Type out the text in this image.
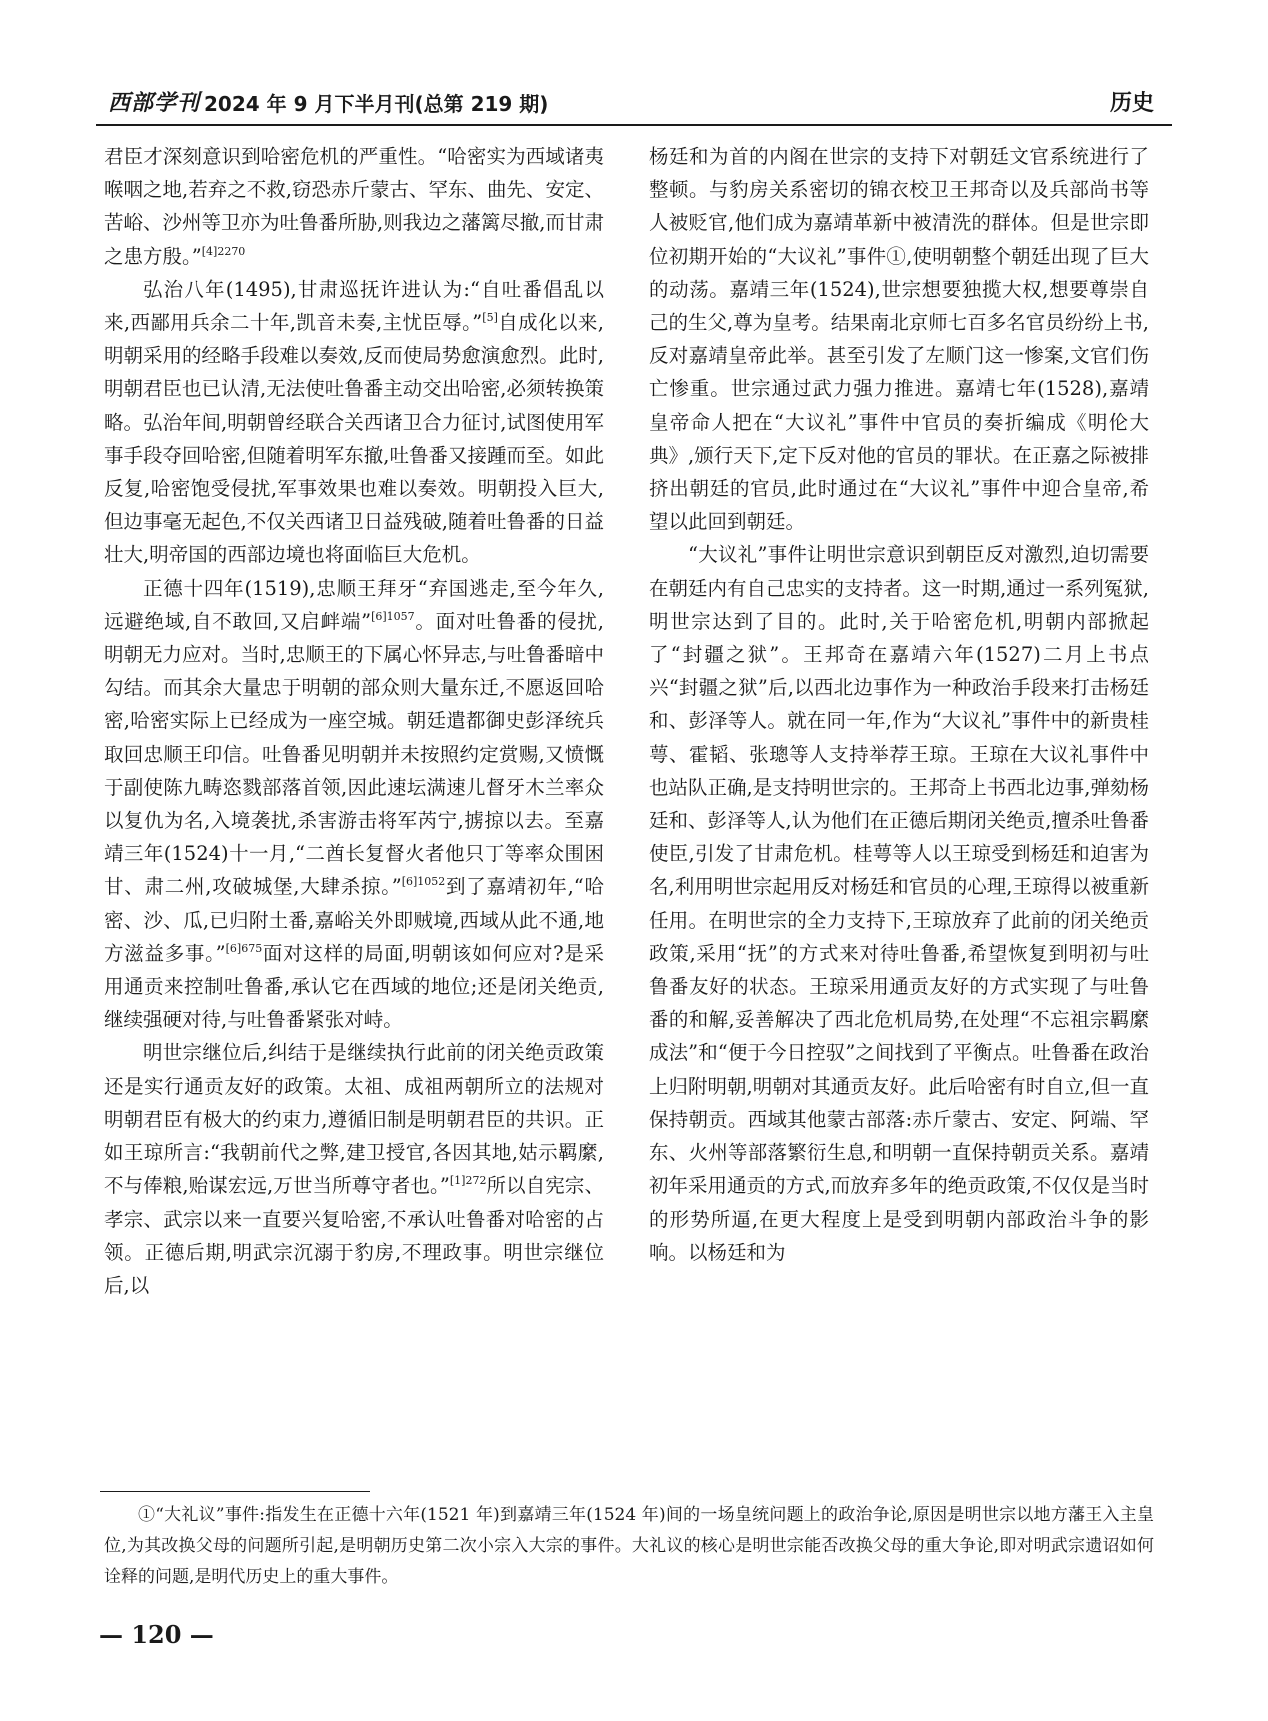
西部学刊 2024 年 9 月下半月刊(总第 219 期)	历史

君臣才深刻意识到哈密危机的严重性。“哈密实为西域诸夷喉咽之地,若弃之不救,窃恐赤斤蒙古、罕东、曲先、安定、苦峪、沙州等卫亦为吐鲁番所胁,则我边之藩篱尽撤,而甘肃之患方殷。”$^{[4]2270}$

弘治八年(1495),甘肃巡抚许进认为:“自吐番倡乱以来,西鄙用兵余二十年,凯音未奏,主忧臣辱。”[5]自成化以来,明朝采用的经略手段难以奏效,反而使局势愈演愈烈。此时,明朝君臣也已认清,无法使吐鲁番主动交出哈密,必须转换策略。弘治年间,明朝曾经联合关西诸卫合力征讨,试图使用军事手段夺回哈密,但随着明军东撤,吐鲁番又接踵而至。如此反复,哈密饱受侵扰,军事效果也难以奏效。明朝投入巨大,但边事毫无起色,不仅关西诸卫日益残破,随着吐鲁番的日益壮大,明帝国的西部边境也将面临巨大危机。

正德十四年(1519),忠顺王拜牙“弃国逃走,至今年久,远避绝域,自不敢回,又启衅端”$^{[6]1057}$。面对吐鲁番的侵扰,明朝无力应对。当时,忠顺王的下属心怀异志,与吐鲁番暗中勾结。而其余大量忠于明朝的部众则大量东迁,不愿返回哈密,哈密实际上已经成为一座空城。朝廷遣都御史彭泽统兵取回忠顺王印信。吐鲁番见明朝并未按照约定赏赐,又愤慨于副使陈九畴恣戮部落首领,因此速坛满速儿督牙木兰率众以复仇为名,入境袭扰,杀害游击将军芮宁,掳掠以去。至嘉靖三年(1524)十一月,“二酋长复督火者他只丁等率众围困甘、肃二州,攻破城堡,大肆杀掠。”$^{[6]1052}$到了嘉靖初年,“哈密、沙、瓜,已归附土番,嘉峪关外即贼境,西域从此不通,地方滋益多事。”$^{[6]675}$面对这样的局面,明朝该如何应对?是采用通贡来控制吐鲁番,承认它在西域的地位;还是闭关绝贡,继续强硬对待,与吐鲁番紧张对峙。

明世宗继位后,纠结于是继续执行此前的闭关绝贡政策还是实行通贡友好的政策。太祖、成祖两朝所立的法规对明朝君臣有极大的约束力,遵循旧制是明朝君臣的共识。正如王琼所言:“我朝前代之弊,建卫授官,各因其地,姑示羁縻,不与俸粮,贻谋宏远,万世当所尊守者也。”$^{[1]272}$所以自宪宗、孝宗、武宗以来一直要兴复哈密,不承认吐鲁番对哈密的占领。正德后期,明武宗沉溺于豹房,不理政事。明世宗继位后,以

杨廷和为首的内阁在世宗的支持下对朝廷文官系统进行了整顿。与豹房关系密切的锦衣校卫王邦奇以及兵部尚书等人被贬官,他们成为嘉靖革新中被清洗的群体。但是世宗即位初期开始的“大议礼”事件①,使明朝整个朝廷出现了巨大的动荡。嘉靖三年(1524),世宗想要独揽大权,想要尊崇自己的生父,尊为皇考。结果南北京师七百多名官员纷纷上书,反对嘉靖皇帝此举。甚至引发了左顺门这一惨案,文官们伤亡惨重。世宗通过武力强力推进。嘉靖七年(1528),嘉靖皇帝命人把在“大议礼”事件中官员的奏折编成《明伦大典》,颁行天下,定下反对他的官员的罪状。在正嘉之际被排挤出朝廷的官员,此时通过在“大议礼”事件中迎合皇帝,希望以此回到朝廷。

“大议礼”事件让明世宗意识到朝臣反对激烈,迫切需要在朝廷内有自己忠实的支持者。这一时期,通过一系列冤狱,明世宗达到了目的。此时,关于哈密危机,明朝内部掀起了“封疆之狱”。王邦奇在嘉靖六年(1527)二月上书点兴“封疆之狱”后,以西北边事作为一种政治手段来打击杨廷和、彭泽等人。就在同一年,作为“大议礼”事件中的新贵桂萼、霍韬、张璁等人支持举荐王琼。王琼在大议礼事件中也站队正确,是支持明世宗的。王邦奇上书西北边事,弹劾杨廷和、彭泽等人,认为他们在正德后期闭关绝贡,擅杀吐鲁番使臣,引发了甘肃危机。桂萼等人以王琼受到杨廷和迫害为名,利用明世宗起用反对杨廷和官员的心理,王琼得以被重新任用。在明世宗的全力支持下,王琼放弃了此前的闭关绝贡政策,采用“抚”的方式来对待吐鲁番,希望恢复到明初与吐鲁番友好的状态。王琼采用通贡友好的方式实现了与吐鲁番的和解,妥善解决了西北危机局势,在处理“不忘祖宗羁縻成法”和“便于今日控驭”之间找到了平衡点。吐鲁番在政治上归附明朝,明朝对其通贡友好。此后哈密有时自立,但一直保持朝贡。西域其他蒙古部落:赤斤蒙古、安定、阿端、罕东、火州等部落繁衍生息,和明朝一直保持朝贡关系。嘉靖初年采用通贡的方式,而放弃多年的绝贡政策,不仅仅是当时的形势所逼,在更大程度上是受到明朝内部政治斗争的影响。以杨廷和为

①“大礼议”事件:指发生在正德十六年(1521 年)到嘉靖三年(1524 年)间的一场皇统问题上的政治争论,原因是明世宗以地方藩王入主皇位,为其改换父母的问题所引起,是明朝历史第二次小宗入大宗的事件。大礼议的核心是明世宗能否改换父母的重大争论,即对明武宗遗诏如何诠释的问题,是明代历史上的重大事件。
— 120 —
